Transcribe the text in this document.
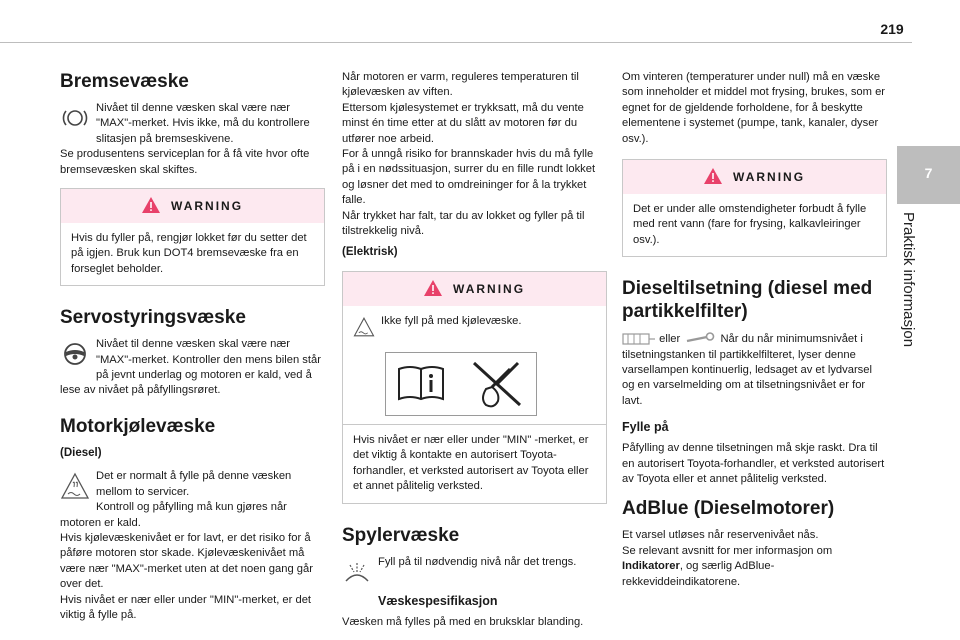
219
7
Praktisk informasjon
Bremsevæske

Nivået til denne væsken skal være nær "MAX"-merket. Hvis ikke, må du kontrollere slitasjen på bremseskivene.

Se produsentens serviceplan for å få vite hvor ofte bremsevæsken skal skiftes.

WARNING
Hvis du fyller på, rengjør lokket før du setter det på igjen. Bruk kun DOT4 bremsevæske fra en forseglet beholder.
Servostyringsvæske

Nivået til denne væsken skal være nær "MAX"-merket. Kontroller den mens bilen står på jevnt underlag og motoren er kald, ved å lese av nivået på påfyllingsrøret.

Motorkjølevæske
(Diesel)

Det er normalt å fylle på denne væsken mellom to servicer.

Kontroll og påfylling må kun gjøres når motoren er kald.

Hvis kjølevæskenivået er for lavt, er det risiko for å påføre motoren stor skade. Kjølevæskenivået må være nær "MAX"-merket uten at det noen gang går over det.

Hvis nivået er nær eller under "MIN"-merket, er det viktig å fylle på.

Når motoren er varm, reguleres temperaturen til kjølevæsken av viften.

Ettersom kjølesystemet er trykksatt, må du vente minst én time etter at du slått av motoren før du utfører noe arbeid.

For å unngå risiko for brannskader hvis du må fylle på i en nødssituasjon, surrer du en fille rundt lokket og løsner det med to omdreininger for å la trykket falle.

Når trykket har falt, tar du av lokket og fyller på til tilstrekkelig nivå.

(Elektrisk)
WARNING

Ikke fyll på med kjølevæske.

Hvis nivået er nær eller under "MIN" -merket, er det viktig å kontakte en autorisert Toyota-forhandler, et verksted autorisert av Toyota eller et annet pålitelig verksted.
Spylervæske

Fyll på til nødvendig nivå når det trengs.

Væskespesifikasjon

Væsken må fylles på med en bruksklar blanding.

Om vinteren (temperaturer under null) må en væske som inneholder et middel mot frysing, brukes, som er egnet for de gjeldende forholdene, for å beskytte elementene i systemet (pumpe, tank, kanaler, dyser osv.).

WARNING
Det er under alle omstendigheter forbudt å fylle med rent vann (fare for frysing, kalkavleiringer osv.).
Dieseltilsetning (diesel med partikkelfilter)
eller	Når du når minimumsnivået i tilsetningstanken til partikkelfilteret, lyser denne varsellampen kontinuerlig, ledsaget av et lydvarsel og en varselmelding om at tilsetningsnivået er for lavt.
Fylle på

Påfylling av denne tilsetningen må skje raskt. Dra til en autorisert Toyota-forhandler, et verksted autorisert av Toyota eller et annet pålitelig verksted.

AdBlue (Dieselmotorer)

Et varsel utløses når reservenivået nås.

Se relevant avsnitt for mer informasjon om Indikatorer, og særlig AdBlue-rekkeviddeindikatorene.
